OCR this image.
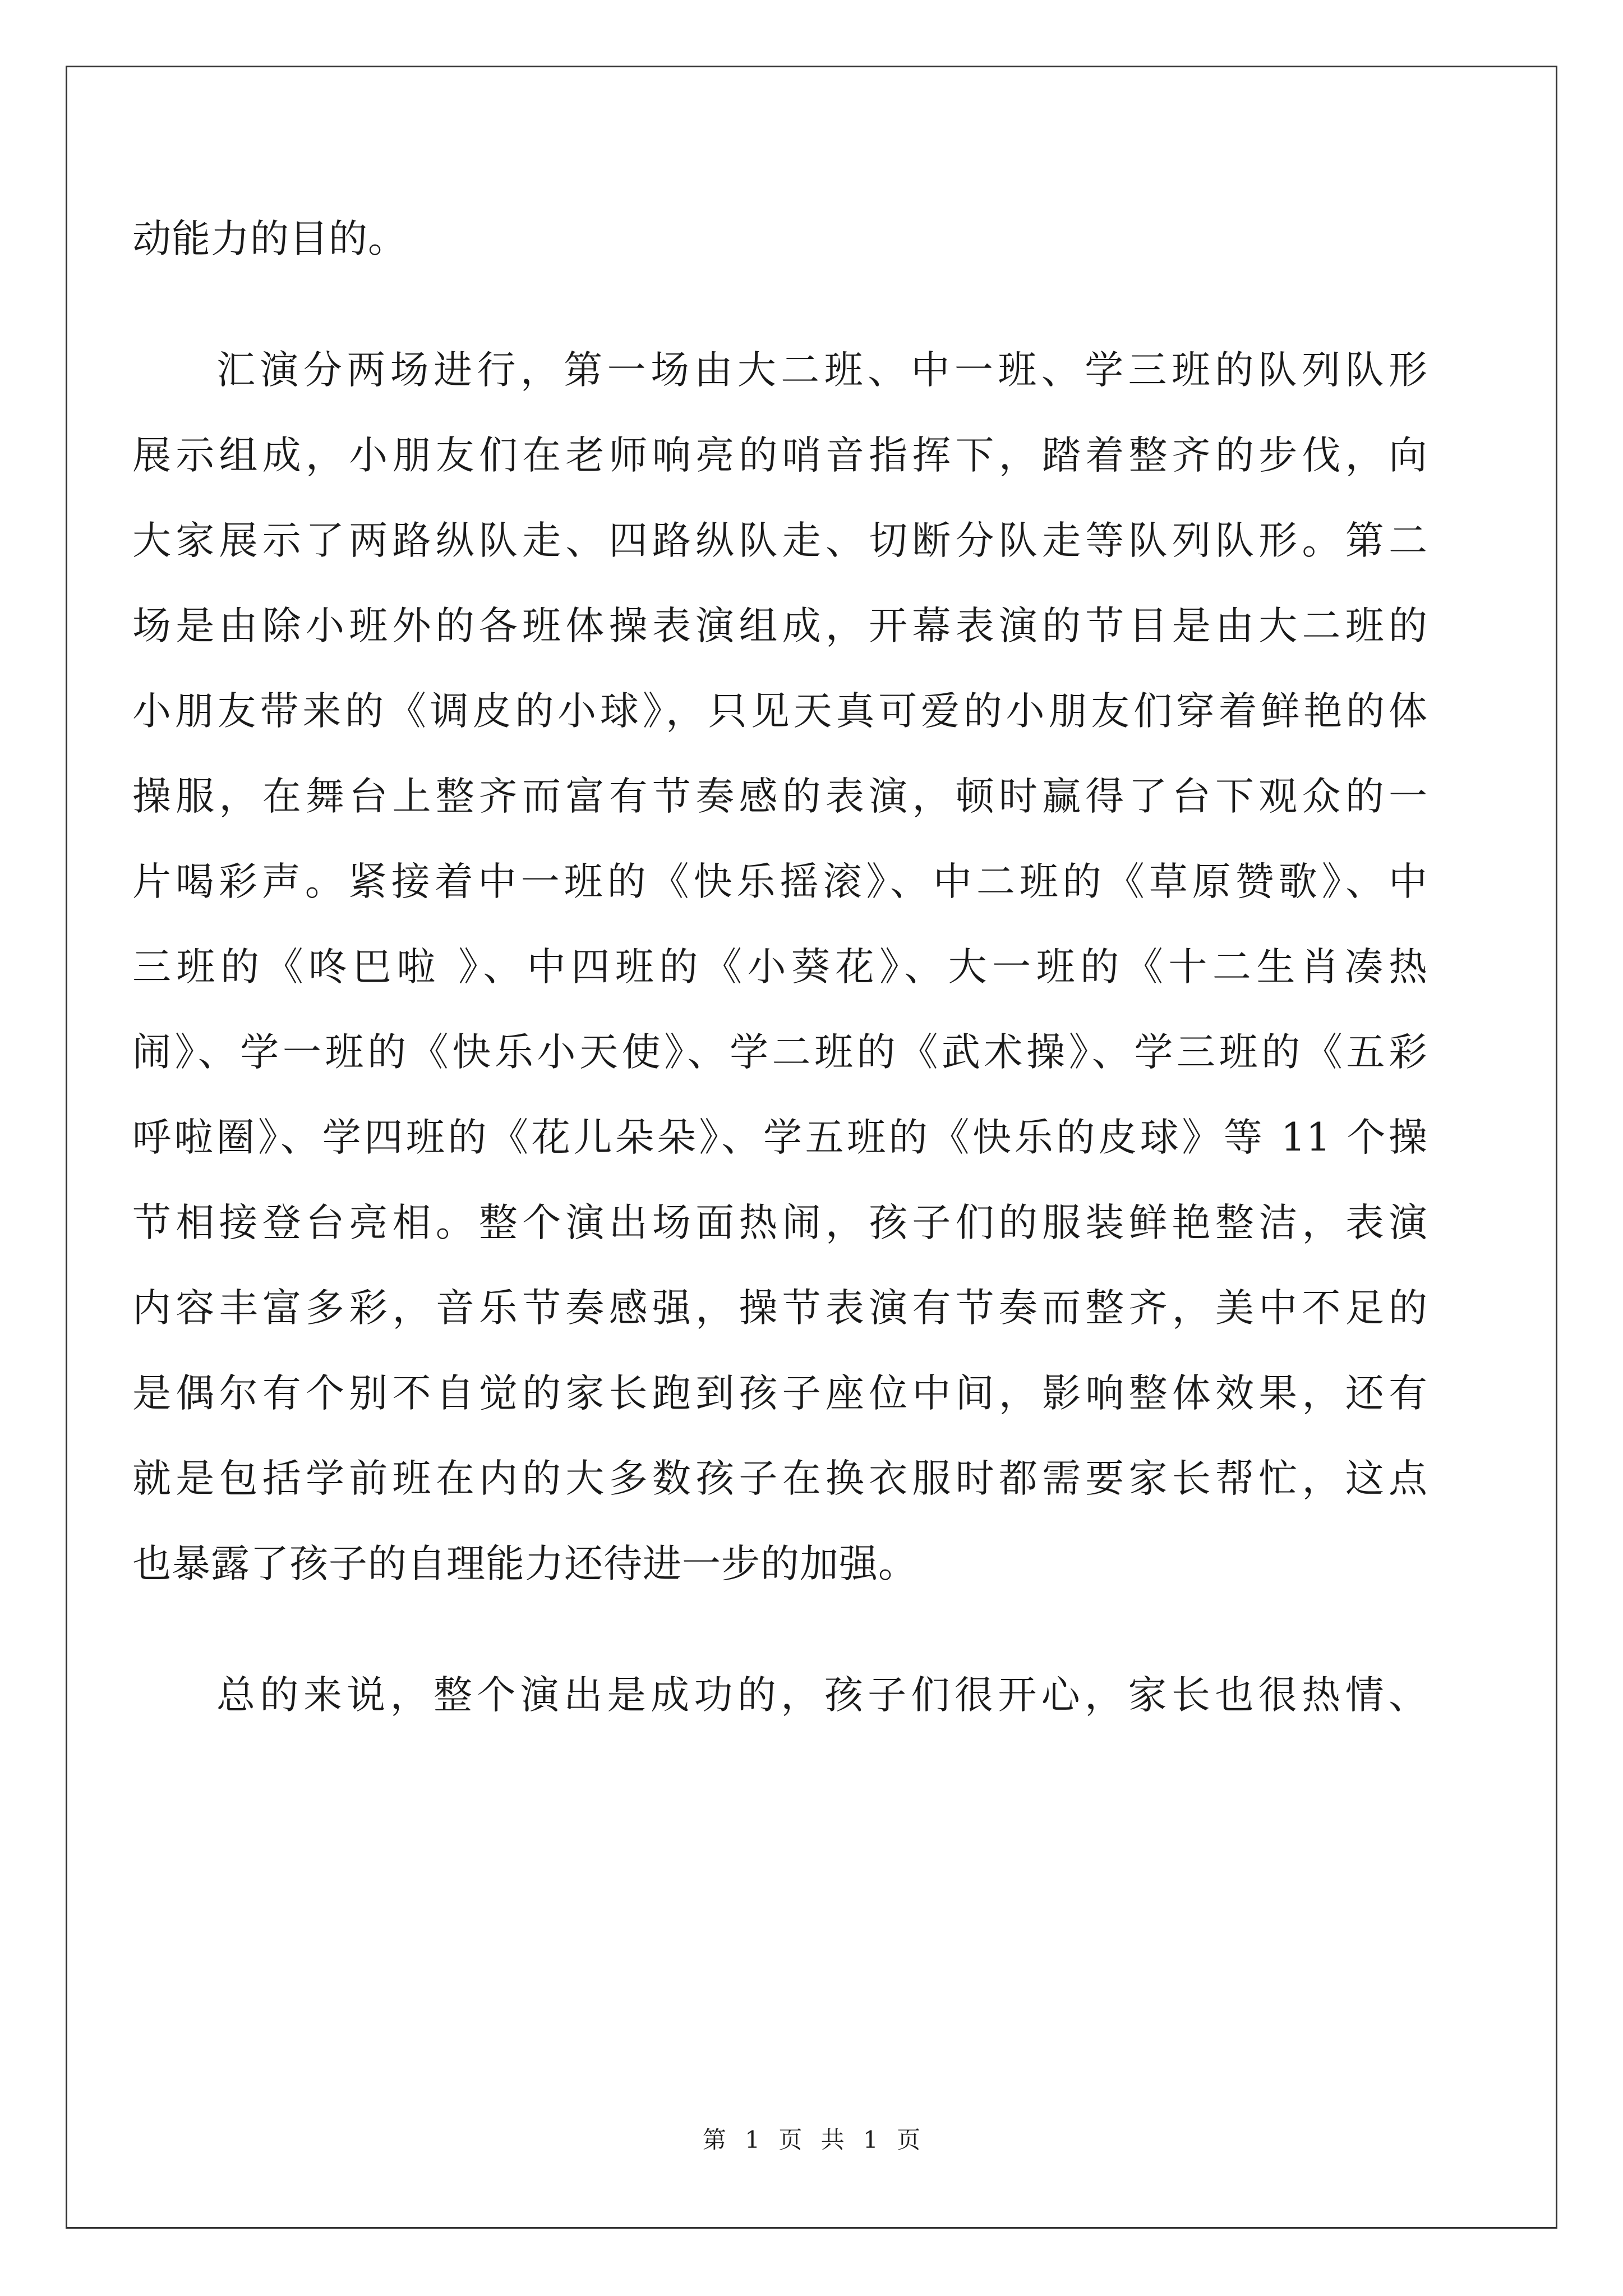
动能力的目的。
汇演分两场进行，第一场由大二班、中一班、学三班的队列队形
展示组成，小朋友们在老师响亮的哨音指挥下，踏着整齐的步伐，向
大家展示了两路纵队走、四路纵队走、切断分队走等队列队形。第二
场是由除小班外的各班体操表演组成，开幕表演的节目是由大二班的
小朋友带来的《调皮的小球》，只见天真可爱的小朋友们穿着鲜艳的体
操服，在舞台上整齐而富有节奏感的表演，顿时赢得了台下观众的一
片喝彩声。紧接着中一班的《快乐摇滚》、中二班的《草原赞歌》、中
三班的《咚巴啦 》、中四班的《小葵花》、大一班的《十二生肖凑热
闹》、学一班的《快乐小天使》、学二班的《武术操》、学三班的《五彩
呼啦圈》、学四班的《花儿朵朵》、学五班的《快乐的皮球》等 11 个操
节相接登台亮相。整个演出场面热闹，孩子们的服装鲜艳整洁，表演
内容丰富多彩，音乐节奏感强，操节表演有节奏而整齐，美中不足的
是偶尔有个别不自觉的家长跑到孩子座位中间，影响整体效果，还有
就是包括学前班在内的大多数孩子在换衣服时都需要家长帮忙，这点
也暴露了孩子的自理能力还待进一步的加强。
总的来说，整个演出是成功的，孩子们很开心，家长也很热情、
第 1 页 共 1 页
